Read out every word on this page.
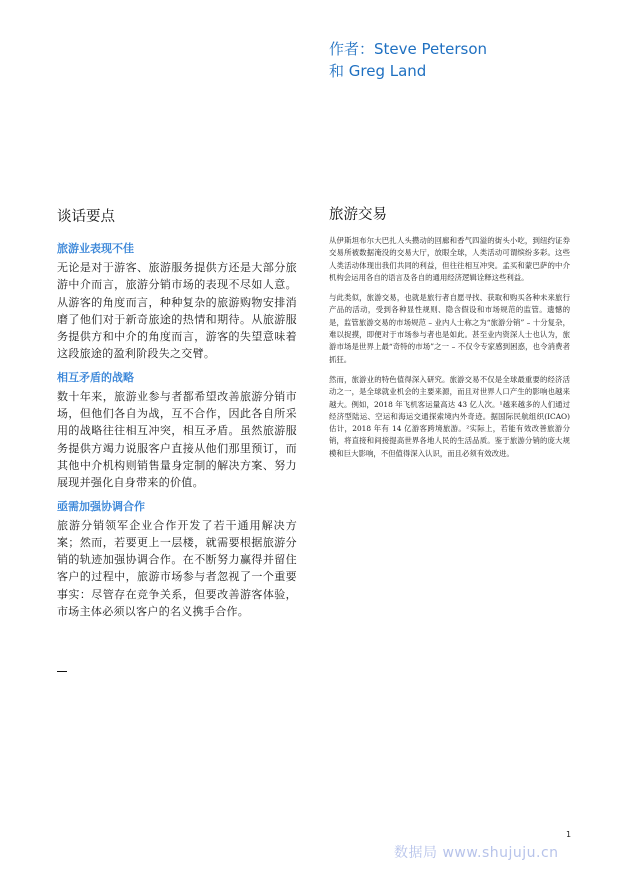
作者：Steve Peterson
和 Greg Land
谈话要点
旅游业表现不佳

无论是对于游客、旅游服务提供方还是大部分旅游中介而言，旅游分销市场的表现不尽如人意。从游客的角度而言，种种复杂的旅游购物安排消磨了他们对于新奇旅途的热情和期待。从旅游服务提供方和中介的角度而言，游客的失望意味着这段旅途的盈利阶段失之交臂。

相互矛盾的战略

数十年来，旅游业参与者都希望改善旅游分销市场，但他们各自为战，互不合作，因此各自所采用的战略往往相互冲突，相互矛盾。虽然旅游服务提供方竭力说服客户直接从他们那里预订，而其他中介机构则销售量身定制的解决方案、努力展现并强化自身带来的价值。

亟需加强协调合作

旅游分销领军企业合作开发了若干通用解决方案；然而，若要更上一层楼，就需要根据旅游分销的轨迹加强协调合作。在不断努力赢得并留住客户的过程中，旅游市场参与者忽视了一个重要事实：尽管存在竞争关系，但要改善游客体验，市场主体必须以客户的名义携手合作。

旅游交易

从伊斯坦布尔大巴扎人头攒动的回廊和香气四溢的街头小吃，到纽约证券交易所被数据淹没的交易大厅，放眼全球，人类活动可谓缤纷多彩。这些人类活动体现出我们共同的利益，但往往相互冲突。孟买和蒙巴萨的中介机构会运用各自的语言及各自的通用经济逻辑诠释这些利益。

与此类似，旅游交易，也就是旅行者自愿寻找、获取和购买各种未来旅行产品的活动，受到各种显性规则、隐含假设和市场规范的监管。遗憾的是，监管旅游交易的市场规范 – 业内人士称之为“旅游分销” – 十分复杂，难以捉摸，即便对于市场参与者也是如此。甚至业内资深人士也认为，旅游市场是世界上最“奇特的市场”之一 – 不仅令专家感到困惑，也令消费者抓狂。

然而，旅游业的特色值得深入研究。旅游交易不仅是全球最重要的经济活动之一，是全球就业机会的主要来源，而且对世界人口产生的影响也越来越大。例如，2018 年飞机客运量高达 43 亿人次。¹越来越多的人们通过经济型陆运、空运和海运交通探索境内外奇迹。据国际民航组织(ICAO) 估计，2018 年有 14 亿游客跨境旅游。²实际上，若能有效改善旅游分销，将直接和间接提高世界各地人民的生活品质。鉴于旅游分销的庞大规模和巨大影响，不但值得深入认识，而且必须有效改进。

1
数据局 www.shujuju.cn
